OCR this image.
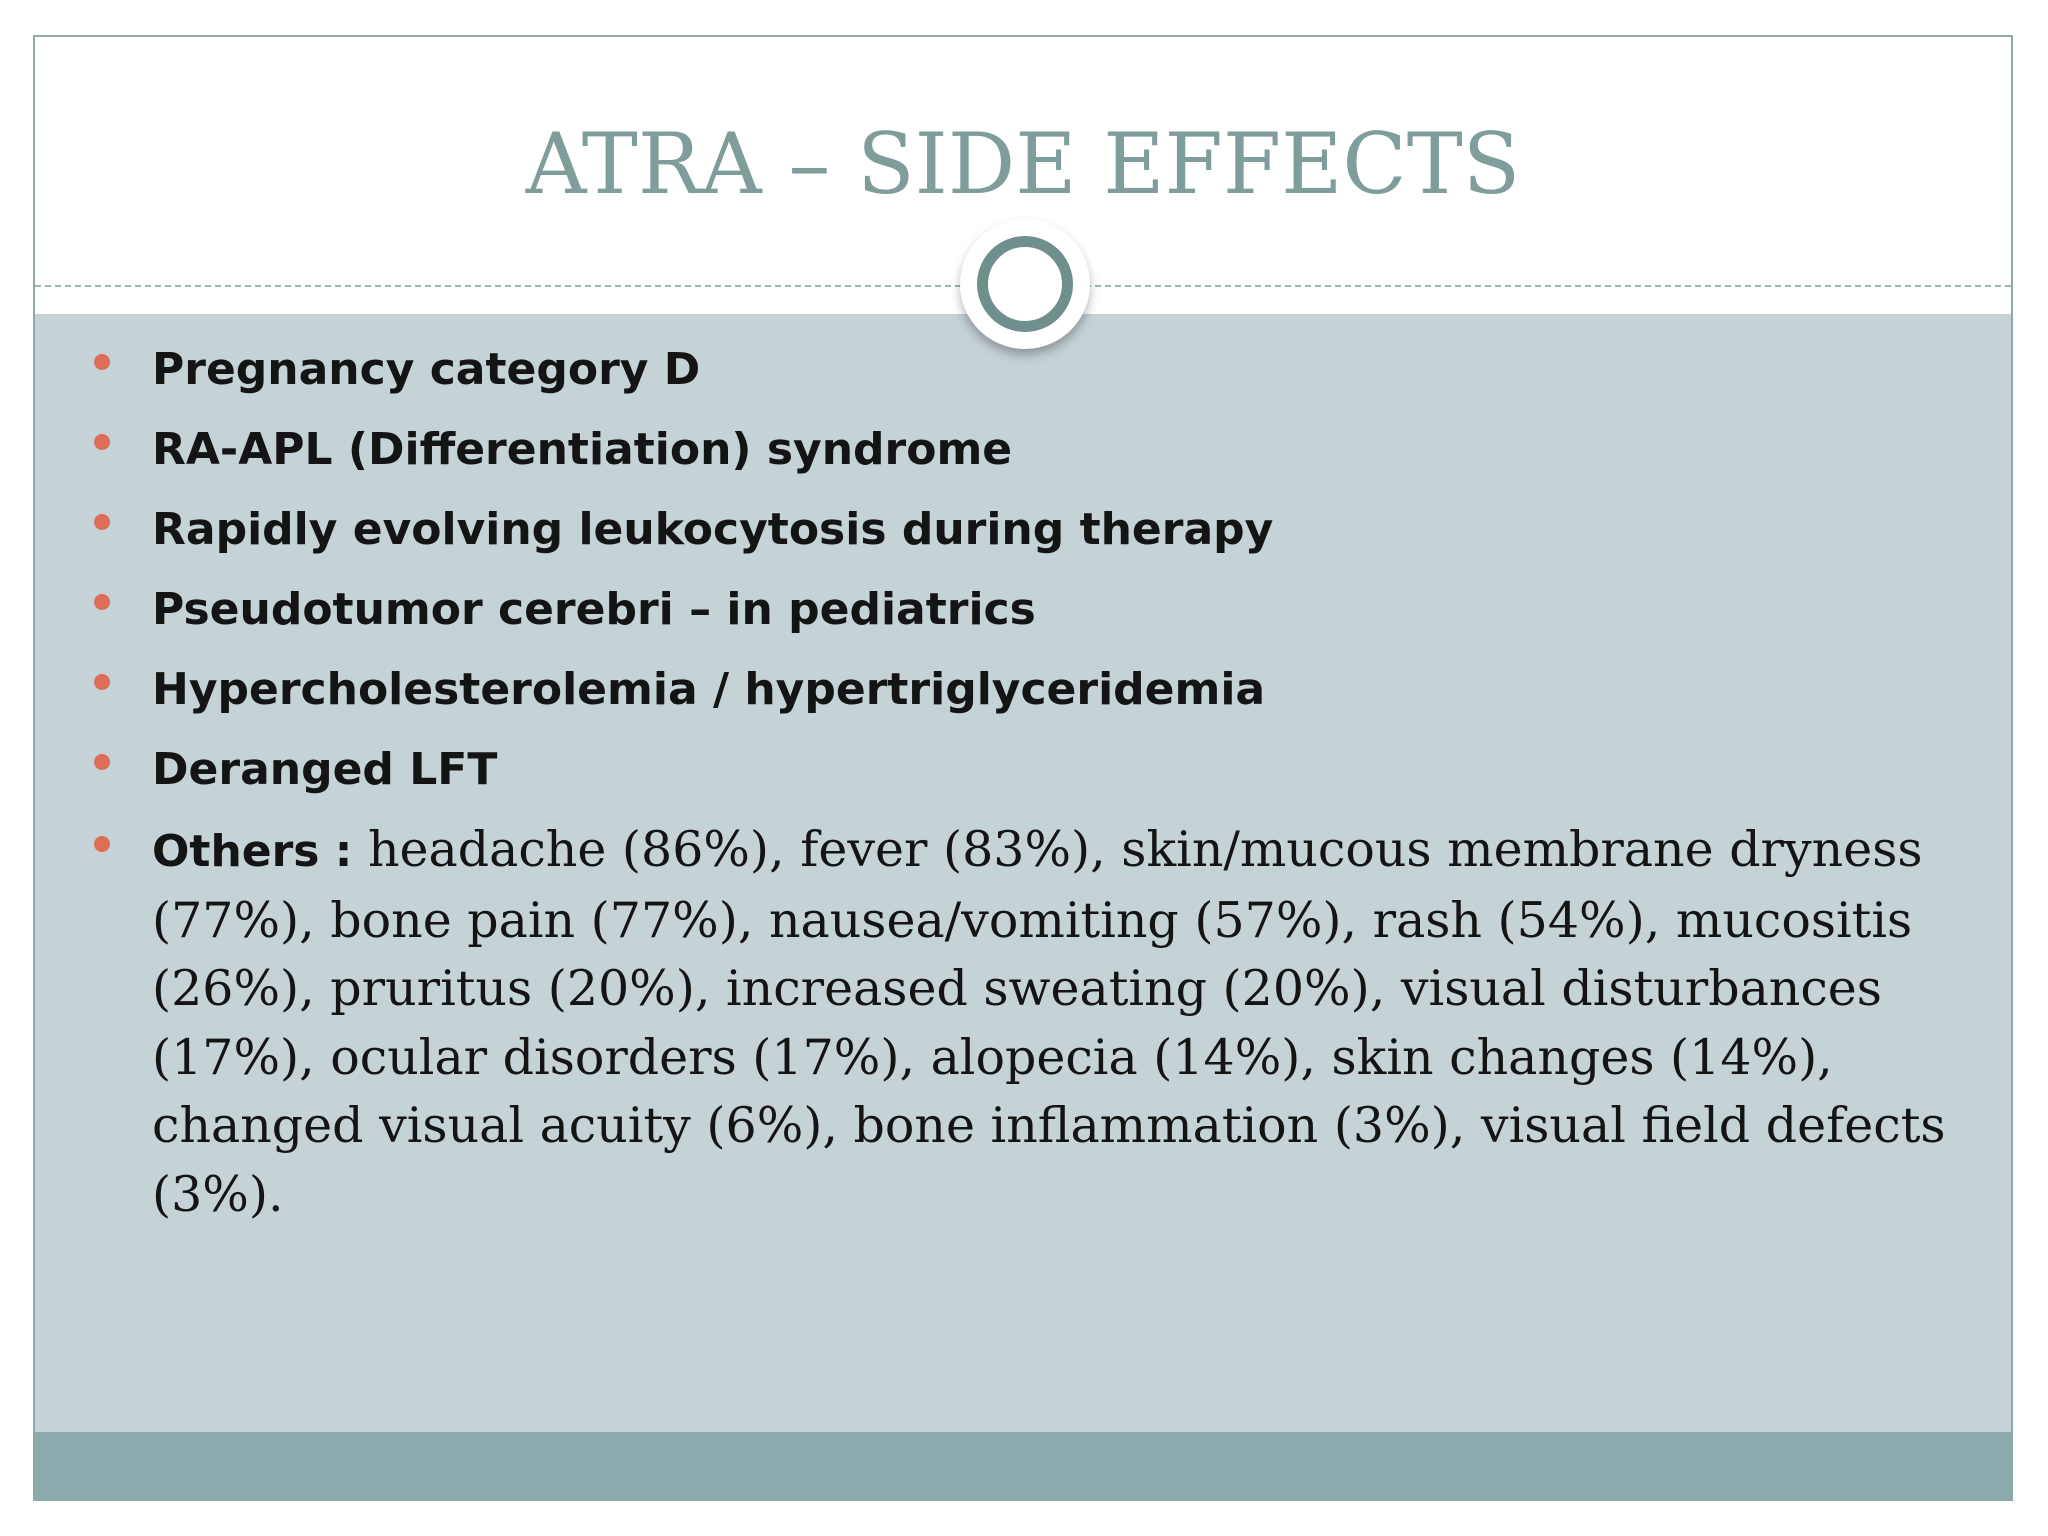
ATRA – SIDE EFFECTS
Pregnancy category D
RA-APL (Differentiation) syndrome
Rapidly evolving leukocytosis during therapy
Pseudotumor cerebri – in pediatrics
Hypercholesterolemia / hypertriglyceridemia
Deranged LFT
Others : headache (86%), fever (83%), skin/mucous membrane dryness (77%), bone pain (77%), nausea/vomiting (57%), rash (54%), mucositis (26%), pruritus (20%), increased sweating (20%), visual disturbances (17%), ocular disorders (17%), alopecia (14%), skin changes (14%), changed visual acuity (6%), bone inflammation (3%), visual field defects (3%).
